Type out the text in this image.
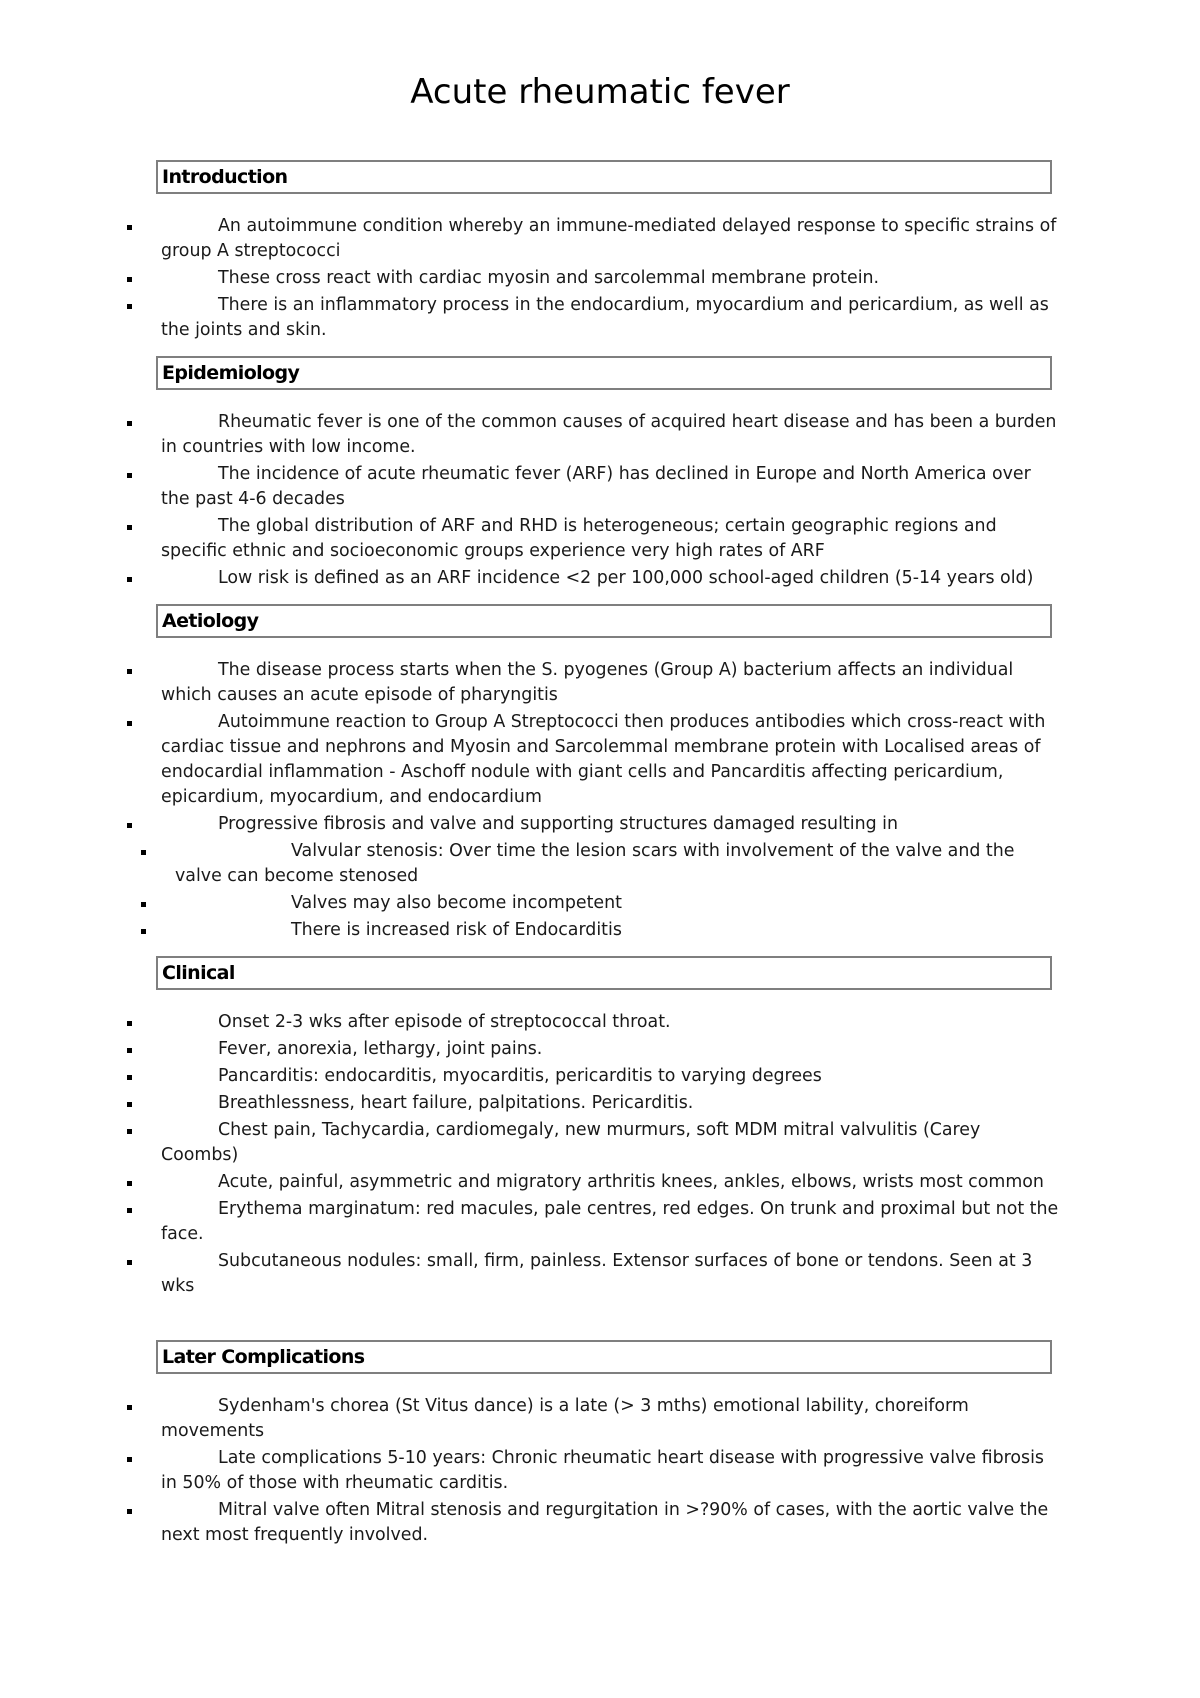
Acute rheumatic fever
Introduction
An autoimmune condition whereby an immune-mediated delayed response to specific strains of group A streptococci
These cross react with cardiac myosin and sarcolemmal membrane protein.
There is an inflammatory process in the endocardium, myocardium and pericardium, as well as the joints and skin.
Epidemiology
Rheumatic fever is one of the common causes of acquired heart disease and has been a burden in countries with low income.
The incidence of acute rheumatic fever (ARF) has declined in Europe and North America over the past 4-6 decades
The global distribution of ARF and RHD is heterogeneous; certain geographic regions and specific ethnic and socioeconomic groups experience very high rates of ARF
Low risk is defined as an ARF incidence <2 per 100,000 school-aged children (5-14 years old)
Aetiology
The disease process starts when the S. pyogenes (Group A) bacterium affects an individual which causes an acute episode of pharyngitis
Autoimmune reaction to Group A Streptococci then produces antibodies which cross-react with cardiac tissue and nephrons and Myosin and Sarcolemmal membrane protein with Localised areas of endocardial inflammation - Aschoff nodule with giant cells and Pancarditis affecting pericardium, epicardium, myocardium, and endocardium
Progressive fibrosis and valve and supporting structures damaged resulting in
Valvular stenosis: Over time the lesion scars with involvement of the valve and the valve can become stenosed
Valves may also become incompetent
There is increased risk of Endocarditis
Clinical
Onset 2-3 wks after episode of streptococcal throat.
Fever, anorexia, lethargy, joint pains.
Pancarditis: endocarditis, myocarditis, pericarditis to varying degrees
Breathlessness, heart failure, palpitations. Pericarditis.
Chest pain, Tachycardia, cardiomegaly, new murmurs, soft MDM mitral valvulitis (Carey Coombs)
Acute, painful, asymmetric and migratory arthritis knees, ankles, elbows, wrists most common
Erythema marginatum: red macules, pale centres, red edges. On trunk and proximal but not the face.
Subcutaneous nodules: small, firm, painless. Extensor surfaces of bone or tendons. Seen at 3 wks
Later Complications
Sydenham's chorea (St Vitus dance) is a late (> 3 mths) emotional lability, choreiform movements
Late complications 5-10 years: Chronic rheumatic heart disease with progressive valve fibrosis in 50% of those with rheumatic carditis.
Mitral valve often Mitral stenosis and regurgitation in >?90% of cases, with the aortic valve the next most frequently involved.
